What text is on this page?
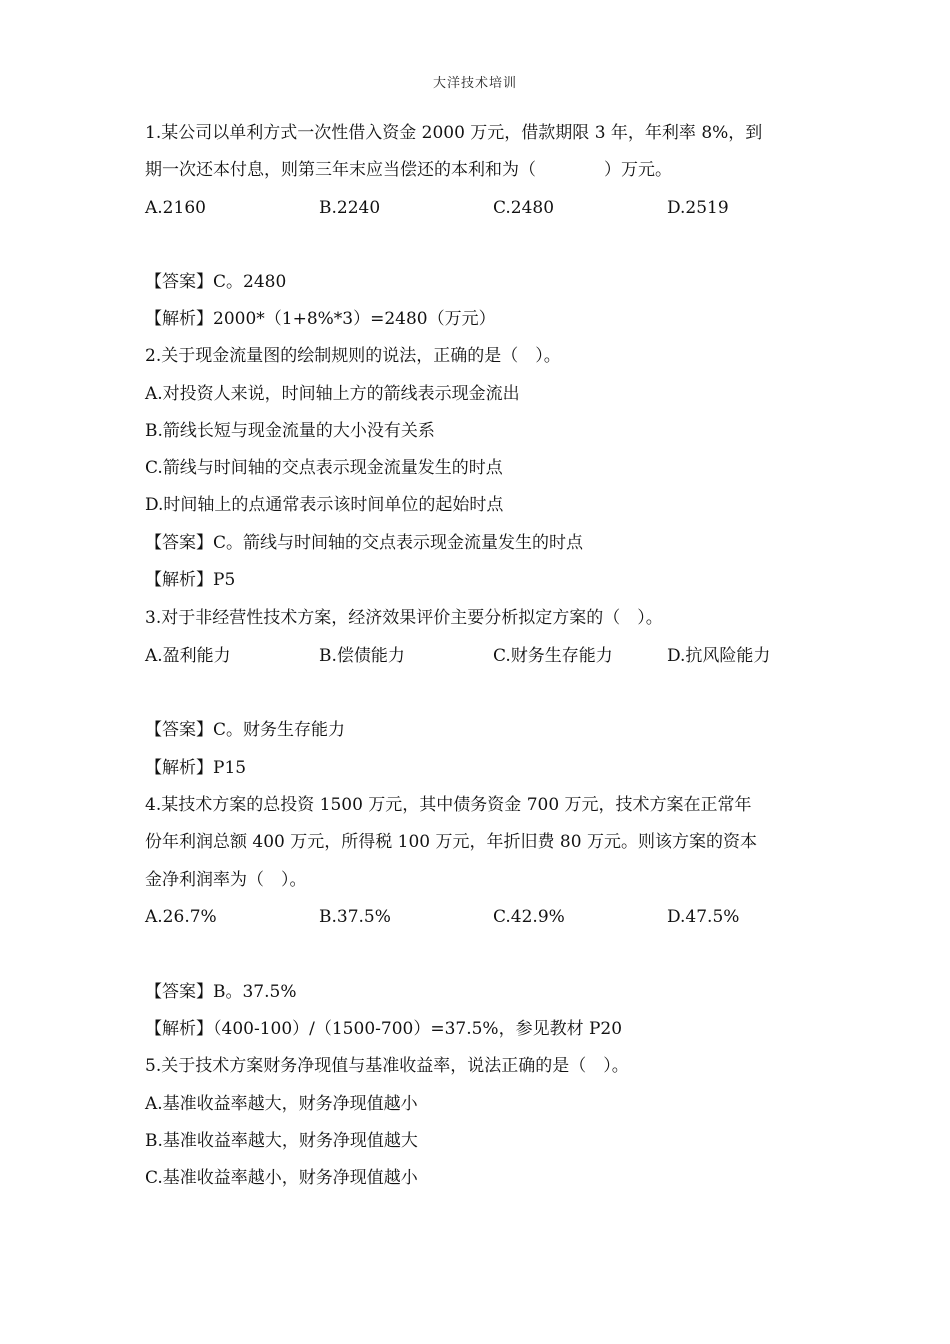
大洋技术培训
1.某公司以单利方式一次性借入资金 2000 万元，借款期限 3 年，年利率 8%，到
期一次还本付息，则第三年末应当偿还的本利和为（　　　　）万元。
A.2160	B.2240	C.2480	D.2519
【答案】C。2480
【解析】2000*（1+8%*3）=2480（万元）
2.关于现金流量图的绘制规则的说法，正确的是（　）。
A.对投资人来说，时间轴上方的箭线表示现金流出
B.箭线长短与现金流量的大小没有关系
C.箭线与时间轴的交点表示现金流量发生的时点
D.时间轴上的点通常表示该时间单位的起始时点
【答案】C。箭线与时间轴的交点表示现金流量发生的时点
【解析】P5
3.对于非经营性技术方案，经济效果评价主要分析拟定方案的（　）。
A.盈利能力	B.偿债能力	C.财务生存能力	D.抗风险能力
【答案】C。财务生存能力
【解析】P15
4.某技术方案的总投资 1500 万元，其中债务资金 700 万元，技术方案在正常年
份年利润总额 400 万元，所得税 100 万元，年折旧费 80 万元。则该方案的资本
金净利润率为（　）。
A.26.7%	B.37.5%	C.42.9%	D.47.5%
【答案】B。37.5%
【解析】（400-100）/（1500-700）=37.5%，参见教材 P20
5.关于技术方案财务净现值与基准收益率，说法正确的是（　）。
A.基准收益率越大，财务净现值越小
B.基准收益率越大，财务净现值越大
C.基准收益率越小，财务净现值越小
